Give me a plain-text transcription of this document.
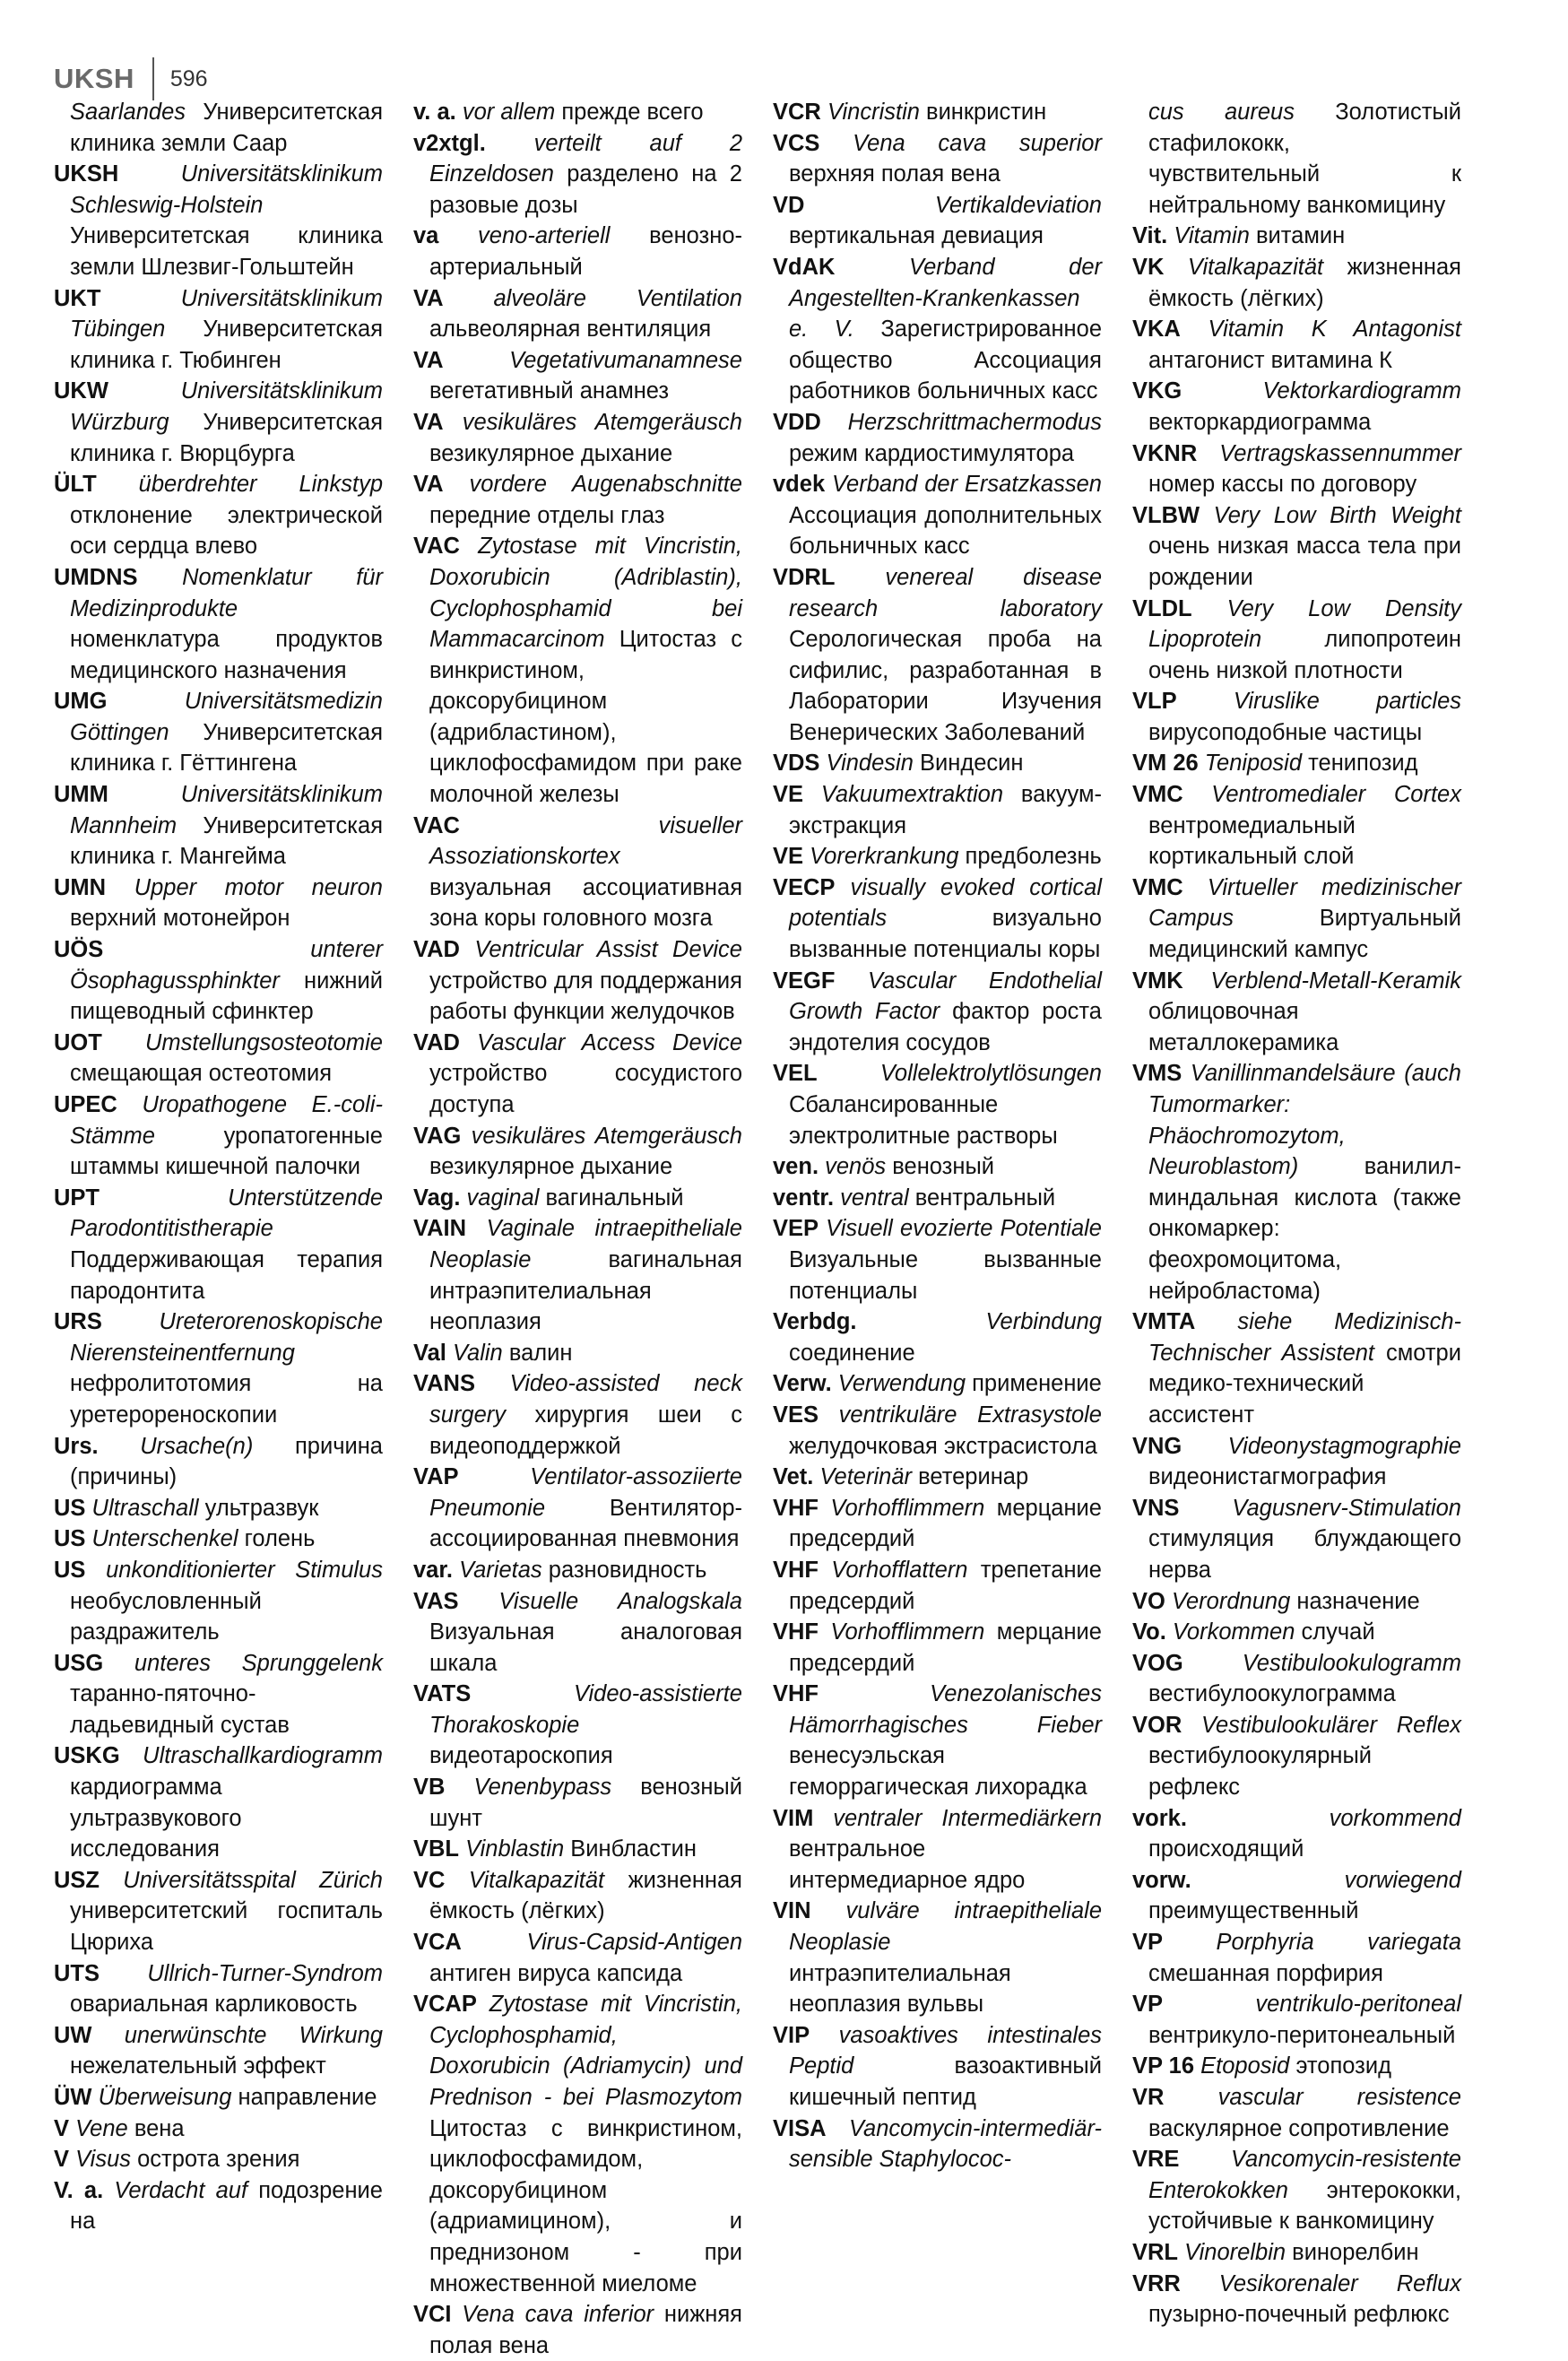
UKSH 596
Saarlandes Университетская клиника земли Саар
UKSH	Universitätsklinikum Schleswig-Holstein Университетская клиника земли Шлезвиг-Гольштейн
UKT	Universitätsklinikum Tübingen Университетская клиника г. Тюбинген
UKW	Universitätsklinikum Würzburg Университетская клиника г. Вюрцбурга
ÜLT überdrehter Linkstyp отклонение электрической оси сердца влево
UMDNS Nomenklatur für Medizinprodukte номенклатура продуктов медицинского назначения
UMG	Universitätsmedizin Göttingen Университетская клиника г. Гёттингена
UMM	Universitätsklinikum Mannheim Университетская клиника г. Мангейма
UMN Upper motor neuron верхний мотонейрон
UÖS	unterer Ösophagussphinkter нижний пищеводный сфинктер
UOT Umstellungsosteotomie смещающая остеотомия
UPEC Uropathogene E.-coli-Stämme	уропатогенные штаммы кишечной палочки
UPT	Unterstützende Parodontitistherapie Поддерживающая терапия пародонтита
URS Ureterorenoskopische Nierensteinentfernung нефролитотомия на уретерореноскопии
Urs. Ursache(n) причина (причины)
US Ultraschall ультразвук
US Unterschenkel голень
US unkonditionierter Stimulus необусловленный раздражитель
USG unteres Sprunggelenk таранно-пяточно-ладьевидный сустав
USKG Ultraschallkardiogramm кардиограмма ультразвукового исследования
USZ Universitätsspital Zürich университетский госпиталь Цюриха
UTS Ullrich-Turner-Syndrom овариальная карликовость
UW unerwünschte Wirkung нежелательный эффект
ÜW Überweisung направление
V Vene вена
V Visus острота зрения
V. a. Verdacht auf подозрение на
v. a. vor allem прежде всего
v2xtgl. verteilt auf 2 Einzeldosen разделено на 2 разовые дозы
va veno-arteriell венозно-артериальный
VA alveoläre Ventilation альвеолярная вентиляция
VA	Vegetativumanamnese вегетативный анамнез
VA vesikuläres Atemgeräusch везикулярное дыхание
VA vordere Augenabschnitte передние отделы глаз
VAC Zytostase mit Vincristin, Doxorubicin (Adriblastin), Cyclophosphamid bei Mammacarcinom Цитостаз с винкристином, доксорубицином (адрибластином), циклофосфамидом при раке молочной железы
VAC	visueller Assoziationskortex визуальная ассоциативная зона коры головного мозга
VAD Ventricular Assist Device устройство для поддержания работы функции желудочков
VAD Vascular Access Device устройство сосудистого доступа
VAG vesikuläres Atemgeräusch везикулярное дыхание
Vag. vaginal вагинальный
VAIN Vaginale intraepitheliale Neoplasie	вагинальная интраэпителиальная неоплазия
Val Valin валин
VANS Video-assisted neck surgery хирургия шеи с видеоподдержкой
VAP	Ventilator-assoziierte Pneumonie	Вентилятор-ассоциированная пневмония
var. Varietas разновидность
VAS Visuelle Analogskala Визуальная аналоговая шкала
VATS	Video-assistierte Thorakoskopie видеотароскопия
VB Venenbypass венозный шунт
VBL Vinblastin Винбластин
VC Vitalkapazität жизненная ёмкость (лёгких)
VCA	Virus-Capsid-Antigen антиген вируса капсида
VCAP Zytostase mit Vincristin, Cyclophosphamid, Doxorubicin (Adriamycin) und Prednison - bei Plasmozytom Цитостаз с винкристином, циклофосфамидом, доксорубицином (адриамицином), и преднизоном - при множественной миеломе
VCI Vena cava inferior нижняя полая вена
VCR Vincristin винкристин
VCS Vena cava superior верхняя полая вена
VD	Vertikaldeviation вертикальная девиация
VdAK	Verband der Angestellten-Krankenkassen e. V. Зарегистрированное общество Ассоциация работников больничных касс
VDD Herzschrittmachermodus режим кардиостимулятора
vdek Verband der Ersatzkassen Ассоциация дополнительных больничных касс
VDRL venereal disease research laboratory Серологическая проба на сифилис, разработанная в Лаборатории Изучения Венерических Заболеваний
VDS Vindesin Виндесин
VE Vakuumextraktion вакуум-экстракция
VE Vorerkrankung предболезнь
VECP visually evoked cortical potentials	визуально вызванные потенциалы коры
VEGF Vascular Endothelial Growth Factor фактор роста эндотелия сосудов
VEL	Vollelektrolytlösungen Сбалансированные электролитные растворы
ven. venös венозный
ventr. ventral вентральный
VEP Visuell evozierte Potentiale Визуальные вызванные потенциалы
Verbdg.	Verbindung соединение
Verw. Verwendung применение
VES ventrikuläre Extrasystole желудочковая экстрасистола
Vet. Veterinär ветеринар
VHF Vorhofflimmern мерцание предсердий
VHF Vorhofflattern трепетание предсердий
VHF Vorhofflimmern мерцание предсердий
VHF	Venezolanisches Hämorrhagisches Fieber венесуэльская геморрагическая лихорадка
VIM ventraler Intermediärkern вентральное интермедиарное ядро
VIN vulväre intraepitheliale Neoplasie интраэпителиальная неоплазия вульвы
VIP vasoaktives intestinales Peptid	вазоактивный кишечный пептид
VISA Vancomycin-intermediär-sensible Staphylococ-
cus aureus Золотистый стафилококк, чувствительный к нейтральному ванкомицину
Vit. Vitamin витамин
VK Vitalkapazität жизненная ёмкость (лёгких)
VKA Vitamin K Antagonist антагонист витамина К
VKG	Vektorkardiogramm векторкардиограмма
VKNR Vertragskassennummer номер кассы по договору
VLBW Very Low Birth Weight очень низкая масса тела при рождении
VLDL Very Low Density Lipoprotein	липопротеин очень низкой плотности
VLP Viruslike particles вирусоподобные частицы
VM 26 Teniposid тенипозид
VMC Ventromedialer Cortex вентромедиальный кортикальный слой
VMC Virtueller medizinischer Campus	Виртуальный медицинский кампус
VMK Verblend-Metall-Keramik облицовочная металлокерамика
VMS Vanillinmandelsäure (auch Tumormarker: Phäochromozytom, Neuroblastom)	ванилил-миндальная кислота (также онкомаркер: феохромоцитома, нейробластома)
VMTA siehe Medizinisch-Technischer Assistent смотри медико-технический ассистент
VNG Videonystagmographie видеонистагмография
VNS Vagusnerv-Stimulation стимуляция блуждающего нерва
VO Verordnung назначение
Vo. Vorkommen случай
VOG	Vestibulookulogramm вестибулоокулограмма
VOR Vestibulookulärer Reflex вестибулоокулярный рефлекс
vork.	vorkommend происходящий
vorw.	vorwiegend преимущественный
VP Porphyria variegata смешанная порфирия
VP	ventrikulo-peritoneal вентрикуло-перитонеальный
VP 16 Etoposid этопозид
VR vascular resistence васкулярное сопротивление
VRE Vancomycin-resistente Enterokokken энтерококки, устойчивые к ванкомицину
VRL Vinorelbin винорелбин
VRR Vesikorenaler Reflux пузырно-почечный рефлюкс
